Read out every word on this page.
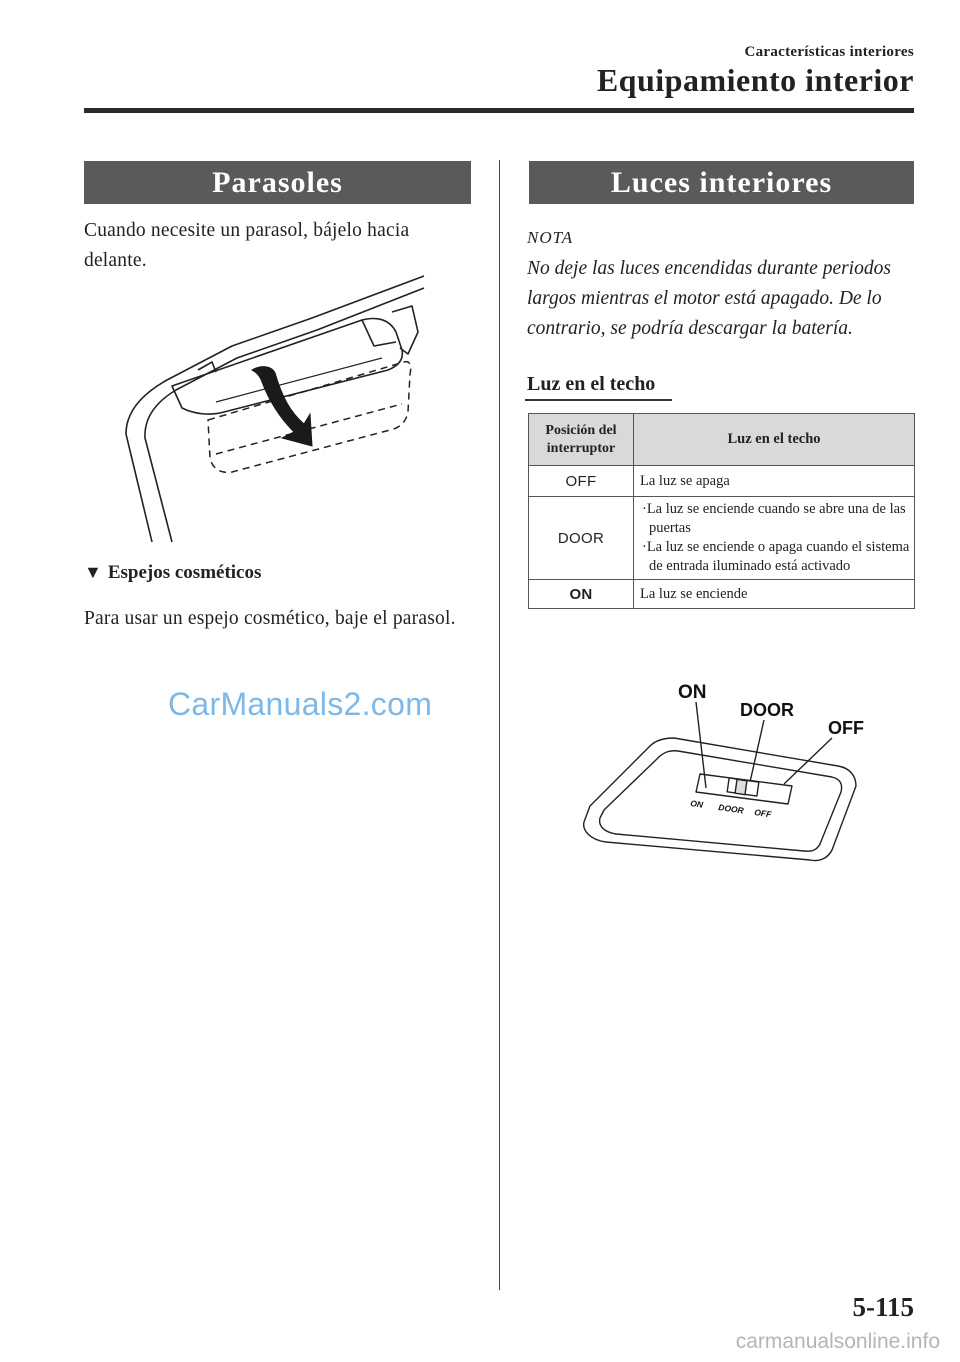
Características interiores
Equipamiento interior
Parasoles
Cuando necesite un parasol, bájelo hacia delante.
▼ Espejos cosméticos
Para usar un espejo cosmético, baje el parasol.
CarManuals2.com
Luces interiores
NOTA
No deje las luces encendidas durante periodos largos mientras el motor está apagado. De lo contrario, se podría descargar la batería.
Luz en el techo
Posición del interruptor	Luz en el techo
OFF	La luz se apaga
DOOR	·La luz se enciende cuando se abre una de las puertas
·La luz se enciende o apaga cuando el sistema de entrada iluminado está activado

ON	La luz se enciende
ON
DOOR
OFF
ON DOOR OFF
5-115
carmanualsonline.info
